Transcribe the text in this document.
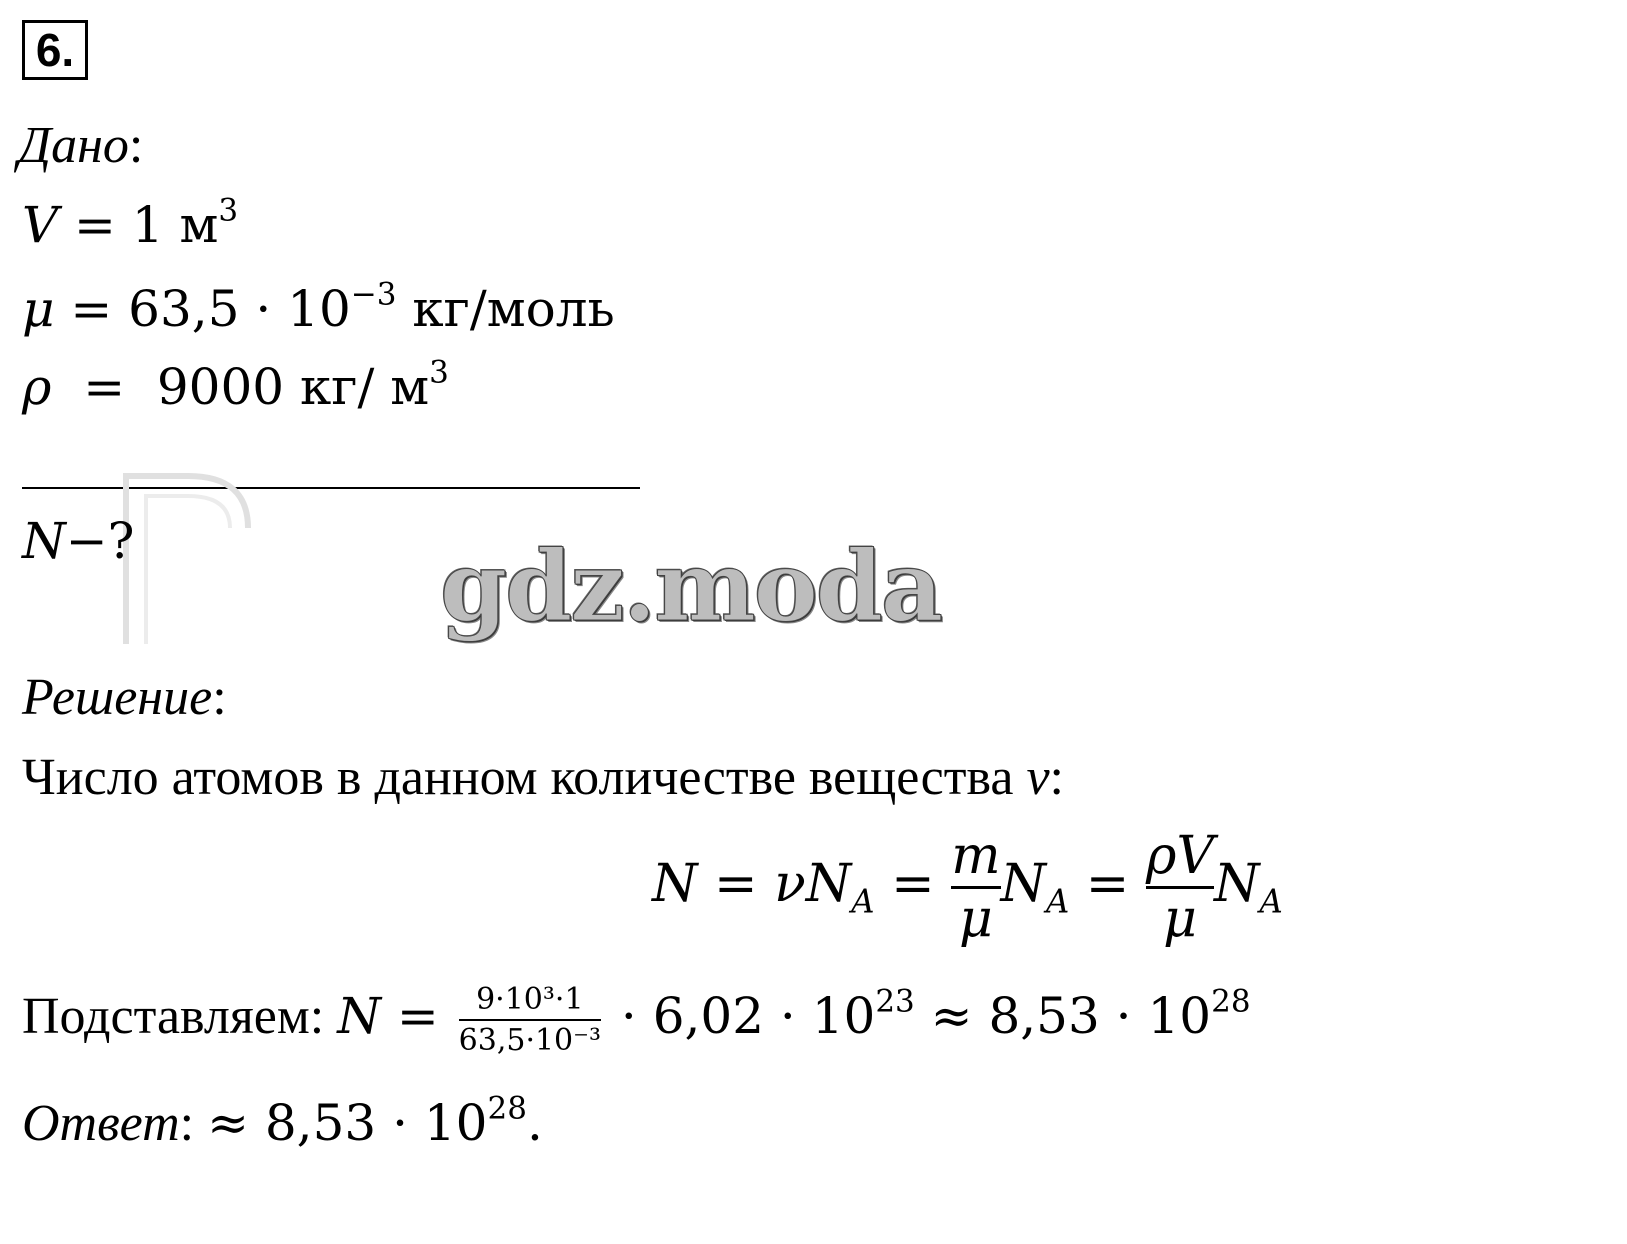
6.
Дано:
V = 1 $м^3$
$\mu = 63,5 \cdot 10^{-3}$ кг/моль
ρ  =  9000 кг/ $м^3$
N−?	gdz.moda
Решение:
Число атомов в данном количестве вещества ν:
$N = \nu N_A = \frac{m}{\mu} N_A = \frac{\rho V}{\mu} N_A$
Подставляем: $N = \frac{\text{9·10³·1}}{\text{63,5·10⁻³}} \cdot 6,02 \cdot 10^{23} \approx 8,53 \cdot 10^{28}$
Ответ: ≈ $8,53 \cdot 10^{28}$.
